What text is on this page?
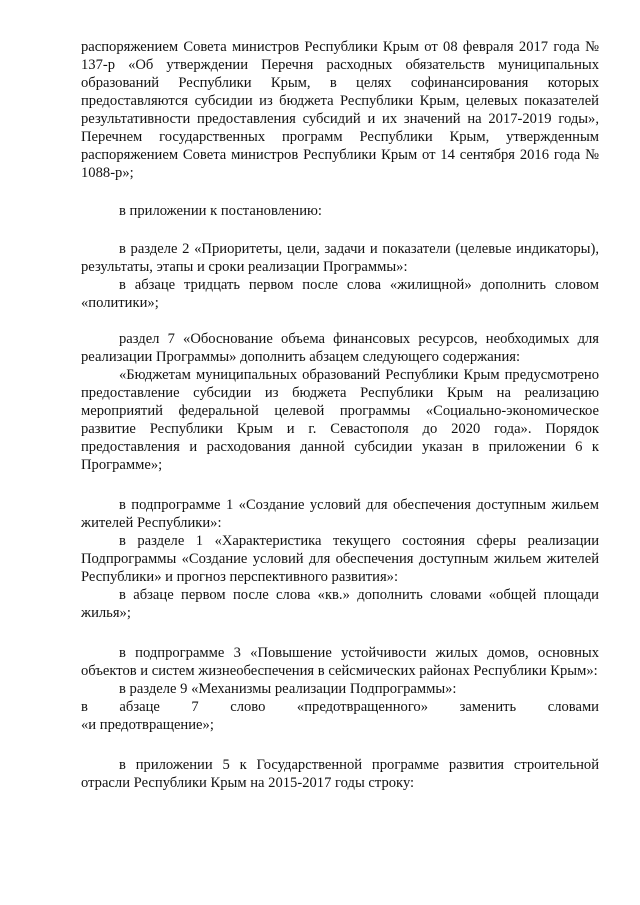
распоряжением Совета министров Республики Крым от 08 февраля 2017 года № 137-р «Об утверждении Перечня расходных обязательств муниципальных образований Республики Крым, в целях софинансирования которых предоставляются субсидии из бюджета Республики Крым, целевых показателей результативности предоставления субсидий и их значений на 2017-2019 годы», Перечнем государственных программ Республики Крым, утвержденным распоряжением Совета министров Республики Крым от 14 сентября 2016 года № 1088-р»;

в приложении к постановлению:

в разделе 2 «Приоритеты, цели, задачи и показатели (целевые индикаторы), результаты, этапы и сроки реализации Программы»:

в абзаце тридцать первом после слова «жилищной» дополнить словом «политики»;

раздел 7 «Обоснование объема финансовых ресурсов, необходимых для реализации Программы» дополнить абзацем следующего содержания:

«Бюджетам муниципальных образований Республики Крым предусмотрено предоставление субсидии из бюджета Республики Крым на реализацию мероприятий федеральной целевой программы «Социально-экономическое развитие Республики Крым и г. Севастополя до 2020 года». Порядок предоставления и расходования данной субсидии указан в приложении 6 к Программе»;

в подпрограмме 1 «Создание условий для обеспечения доступным жильем жителей Республики»:

в разделе 1 «Характеристика текущего состояния сферы реализации Подпрограммы «Создание условий для обеспечения доступным жильем жителей Республики» и прогноз перспективного развития»:

в абзаце первом после слова «кв.» дополнить словами «общей площади жилья»;

в подпрограмме 3 «Повышение устойчивости жилых домов, основных объектов и систем жизнеобеспечения в сейсмических районах Республики Крым»:

в разделе 9 «Механизмы реализации Подпрограммы»:

в абзаце 7 слово «предотвращенного» заменить словами

«и предотвращение»;

в приложении 5 к Государственной программе развития строительной отрасли Республики Крым на 2015-2017 годы строку:
